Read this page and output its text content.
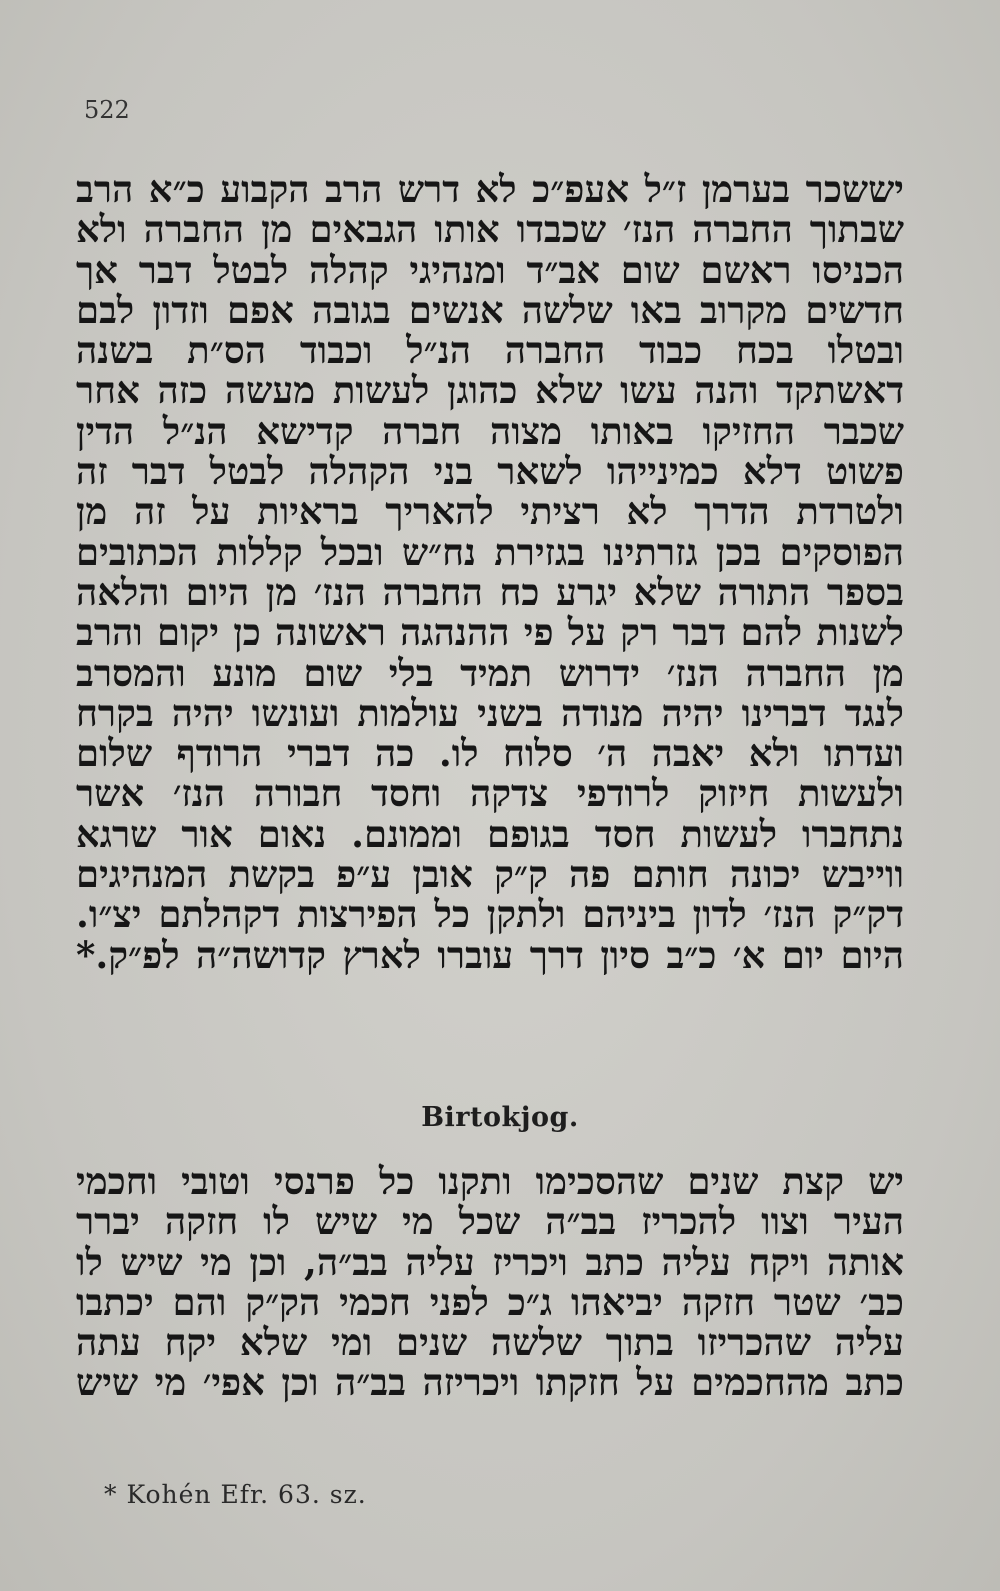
522
יששכר בערמן ז״ל אעפ״כ לא דרש הרב הקבוע כ״א הרב
שבתוך החברה הנז׳ שכבדו אותו הגבאים מן החברה ולא
הכניסו ראשם שום אב״ד ומנהיגי קהלה לבטל דבר אך
חדשים מקרוב באו שלשה אנשים בגובה אפם וזדון לבם
ובטלו בכח כבוד החברה הנ״ל וכבוד הס״ת בשנה
דאשתקד והנה עשו שלא כהוגן לעשות מעשה כזה אחר
שכבר החזיקו באותו מצוה חברה קדישא הנ״ל הדין
פשוט דלא כמינייהו לשאר בני הקהלה לבטל דבר זה
ולטרדת הדרך לא רציתי להאריך בראיות על זה מן
הפוסקים בכן גזרתינו בגזירת נח״ש ובכל קללות הכתובים
בספר התורה שלא יגרע כח החברה הנז׳ מן היום והלאה
לשנות להם דבר רק על פי ההנהגה ראשונה כן יקום והרב
מן החברה הנז׳ ידרוש תמיד בלי שום מונע והמסרב
לנגד דברינו יהיה מנודה בשני עולמות ועונשו יהיה בקרח
ועדתו ולא יאבה ה׳ סלוח לו. כה דברי הרודף שלום
ולעשות חיזוק לרודפי צדקה וחסד חבורה הנז׳ אשר
נתחברו לעשות חסד בגופם וממונם. נאום אור שרגא
ווייבש יכונה חותם פה ק״ק אובן ע״פ בקשת המנהיגים
דק״ק הנז׳ לדון ביניהם ולתקן כל הפירצות דקהלתם יצ״ו.
היום יום א׳ כ״ב סיון דרך עוברו לארץ קדושה״ה לפ״ק.*
Birtokjog.
יש קצת שנים שהסכימו ותקנו כל פרנסי וטובי וחכמי
העיר וצוו להכריז בב״ה שכל מי שיש לו חזקה יברר
אותה ויקח עליה כתב ויכריז עליה בב״ה, וכן מי שיש לו
כב׳ שטר חזקה יביאהו ג״כ לפני חכמי הק״ק והם יכתבו
עליה שהכריזו בתוך שלשה שנים ומי שלא יקח עתה
כתב מהחכמים על חזקתו ויכריזה בב״ה וכן אפי׳ מי שיש
* Kohén Efr. 63. sz.
